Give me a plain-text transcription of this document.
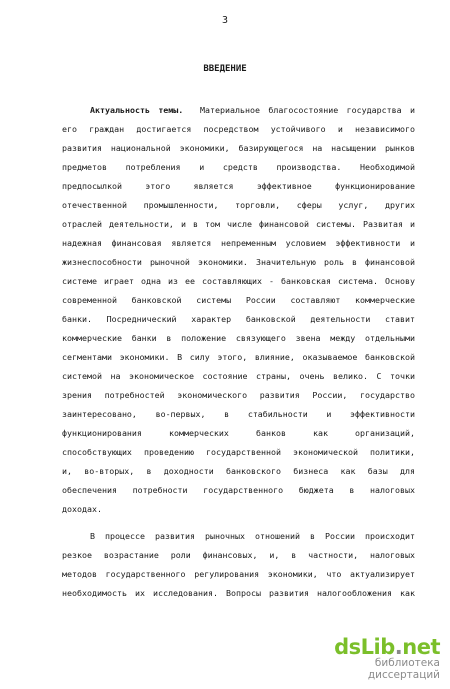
3
ВВЕДЕНИЕ
Актуальность темы. Материальное благосостояние государства и
его граждан достигается посредством устойчивого и независимого
развития национальной экономики, базирующегося на насыщении рынков
предметов потребления и средств производства. Необходимой
предпосылкой этого является эффективное функционирование
отечественной промышленности, торговли, сферы услуг, других
отраслей деятельности, и в том числе финансовой системы. Развитая и
надежная финансовая является непременным условием эффективности и
жизнеспособности рыночной экономики. Значительную роль в финансовой
системе играет одна из ее составляющих - банковская система. Основу
современной банковской системы России составляют коммерческие
банки. Посреднический характер банковской деятельности ставит
коммерческие банки в положение связующего звена между отдельными
сегментами экономики. В силу этого, влияние, оказываемое банковской
системой на экономическое состояние страны, очень велико. С точки
зрения потребностей экономического развития России, государство
заинтересовано, во-первых, в стабильности и эффективности
функционирования коммерческих банков как организаций,
способствующих проведению государственной экономической политики,
и, во-вторых, в доходности банковского бизнеса как базы для
обеспечения потребности государственного бюджета в налоговых
доходах.
В процессе развития рыночных отношений в России происходит
резкое возрастание роли финансовых, и, в частности, налоговых
методов государственного регулирования экономики, что актуализирует
необходимость их исследования. Вопросы развития налогообложения как
dsLib.net
библиотека диссертаций
